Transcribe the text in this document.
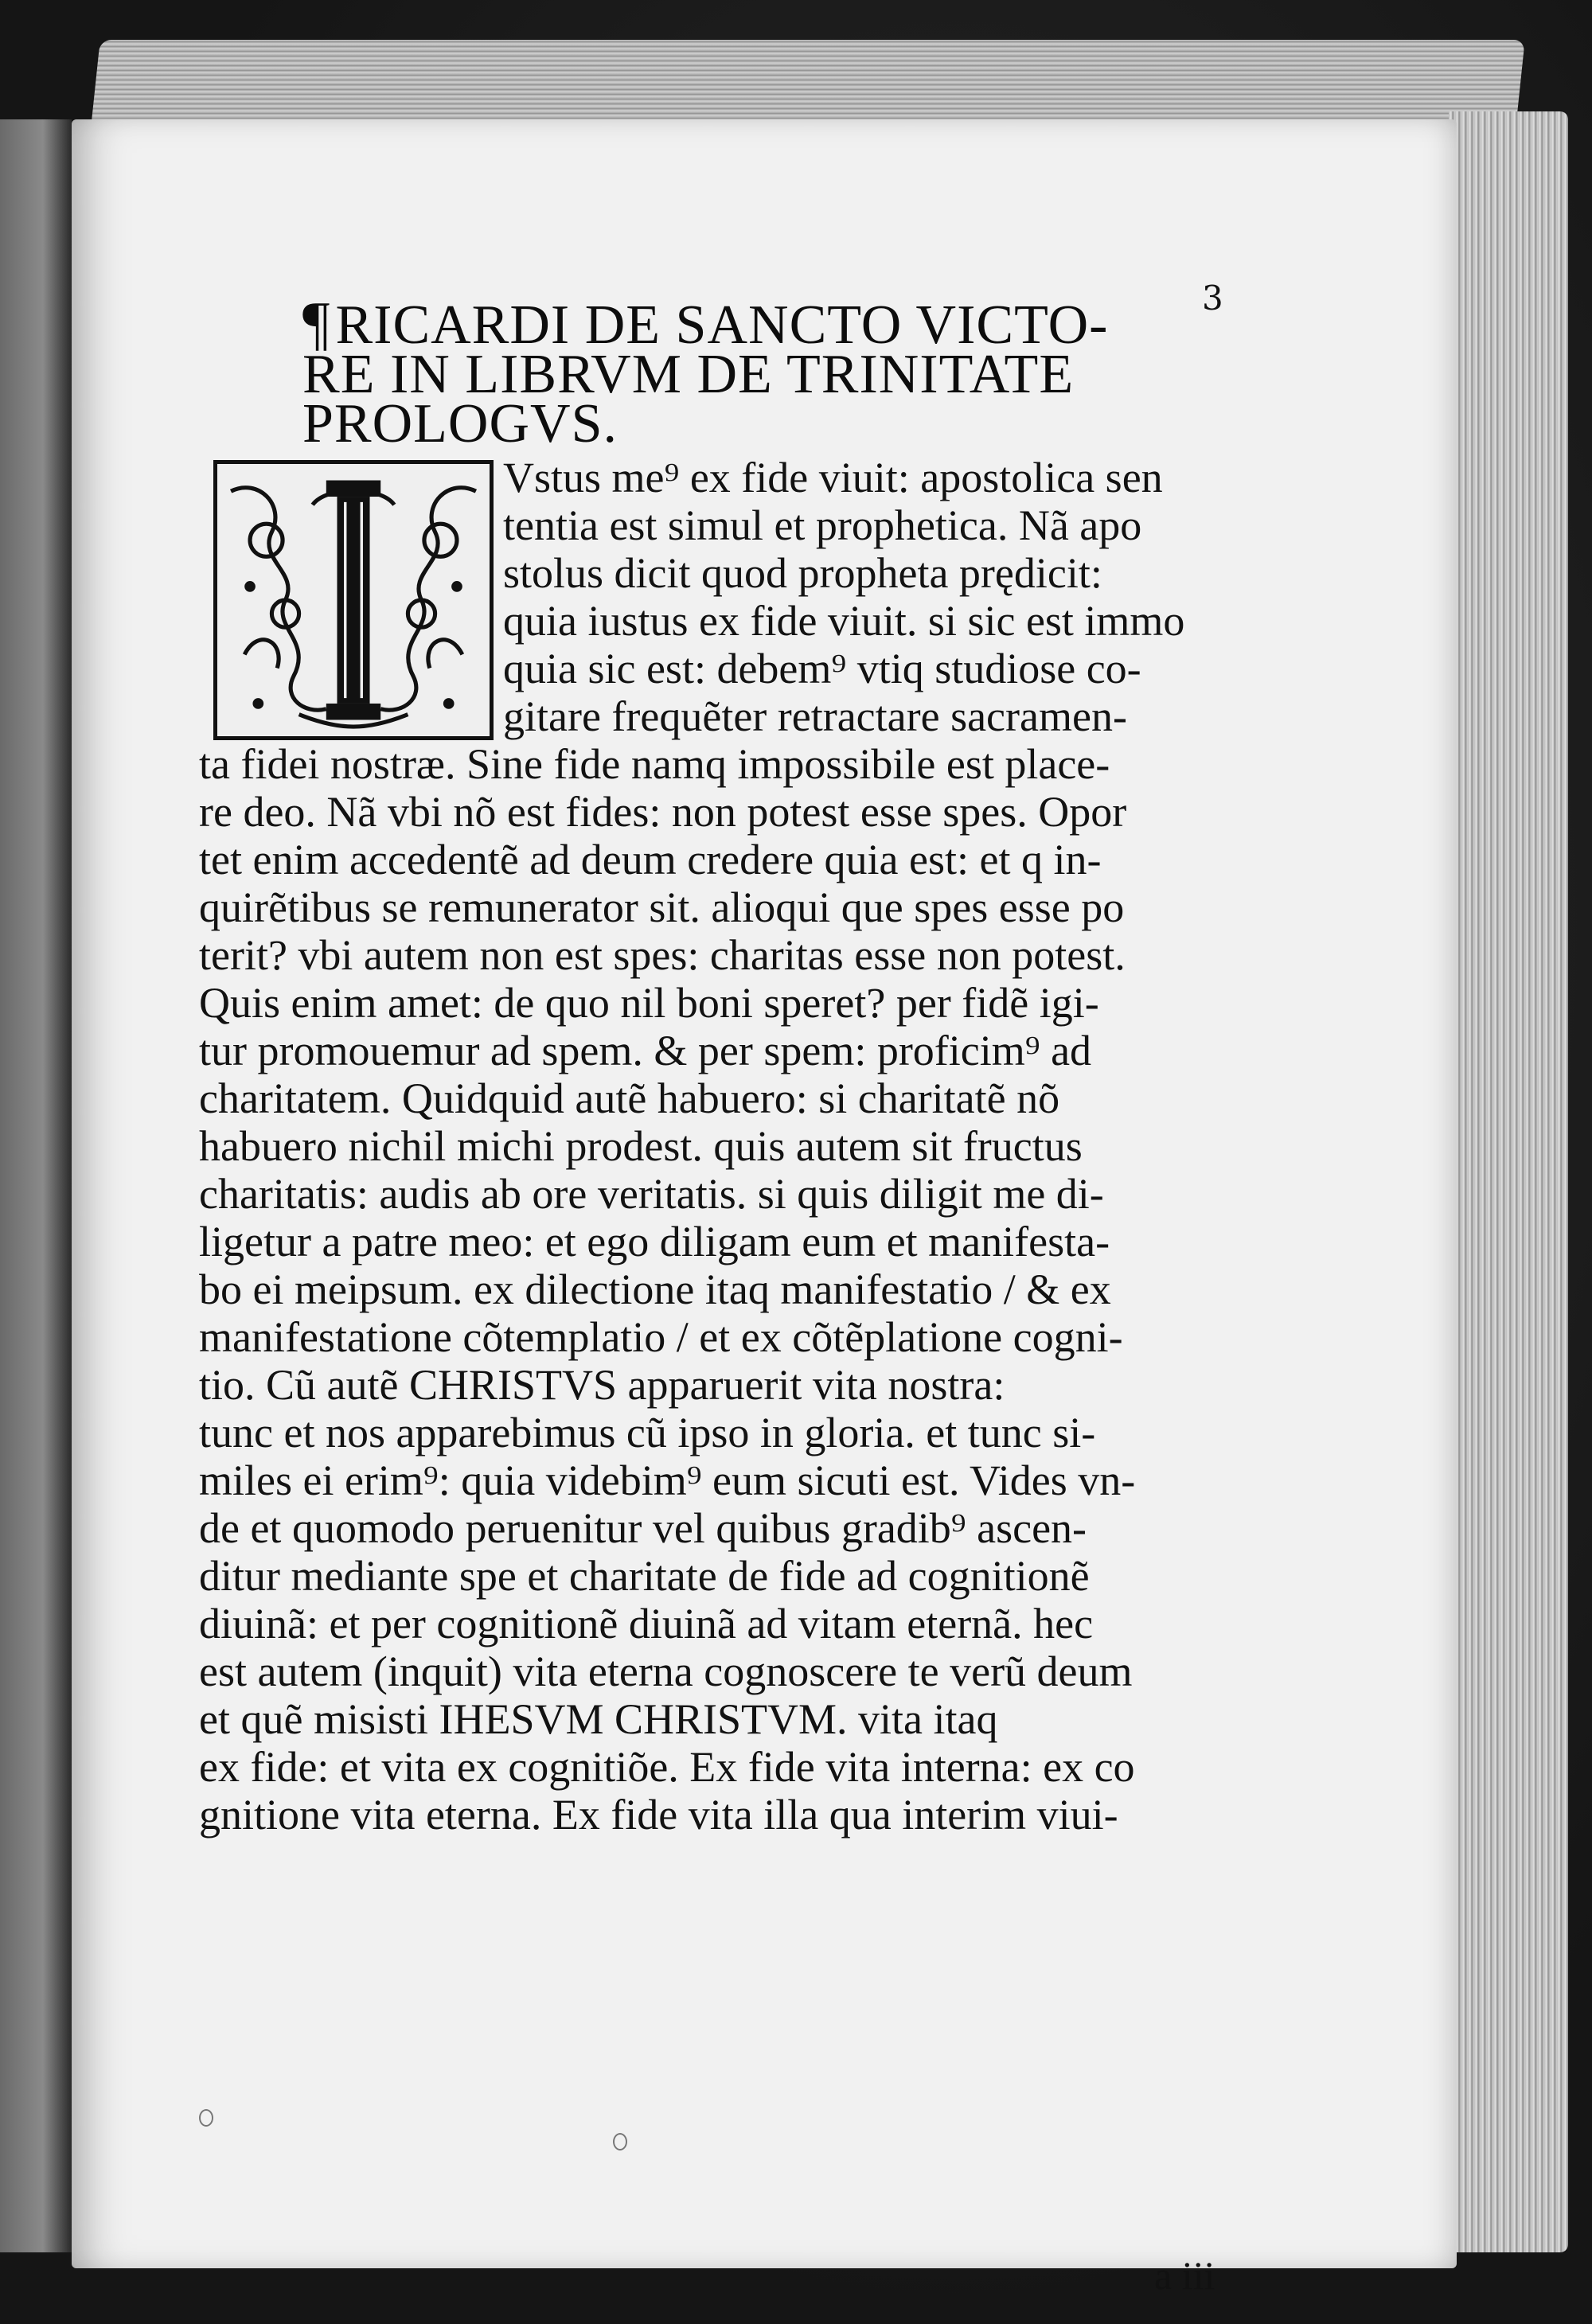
3
a iii
¶RICARDI DE SANCTO VICTO-
RE IN LIBRVM DE TRINITATE
PROLOGVS.
Vstus me⁹ ex fide viuit: apostolica sen
tentia est simul et prophetica. Nã apo
stolus dicit quod propheta prędicit:
quia iustus ex fide viuit. si sic est immo
quia sic est: debem⁹ vtiq studiose co-
gitare frequẽter retractare sacramen-
ta fidei nostræ. Sine fide namq impossibile est place-
re deo. Nã vbi nõ est fides: non potest esse spes. Opor
tet enim accedentẽ ad deum credere quia est: et q in-
quirẽtibus se remunerator sit. alioqui que spes esse po
terit? vbi autem non est spes: charitas esse non potest.
Quis enim amet: de quo nil boni speret? per fidẽ igi-
tur promouemur ad spem. & per spem: proficim⁹ ad
charitatem. Quidquid autẽ habuero: si charitatẽ nõ
habuero nichil michi prodest. quis autem sit fructus
charitatis: audis ab ore veritatis. si quis diligit me di-
ligetur a patre meo: et ego diligam eum et manifesta-
bo ei meipsum. ex dilectione itaq manifestatio / & ex
manifestatione cõtemplatio / et ex cõtẽplatione cogni-
tio. Cũ autẽ CHRISTVS apparuerit vita nostra:
tunc et nos apparebimus cũ ipso in gloria. et tunc si-
miles ei erim⁹: quia videbim⁹ eum sicuti est. Vides vn-
de et quomodo peruenitur vel quibus gradib⁹ ascen-
ditur mediante spe et charitate de fide ad cognitionẽ
diuinã: et per cognitionẽ diuinã ad vitam eternã. hec
est autem (inquit) vita eterna cognoscere te verũ deum
et quẽ misisti IHESVM CHRISTVM. vita itaq
ex fide: et vita ex cognitiõe. Ex fide vita interna: ex co
gnitione vita eterna. Ex fide vita illa qua interim viui-
